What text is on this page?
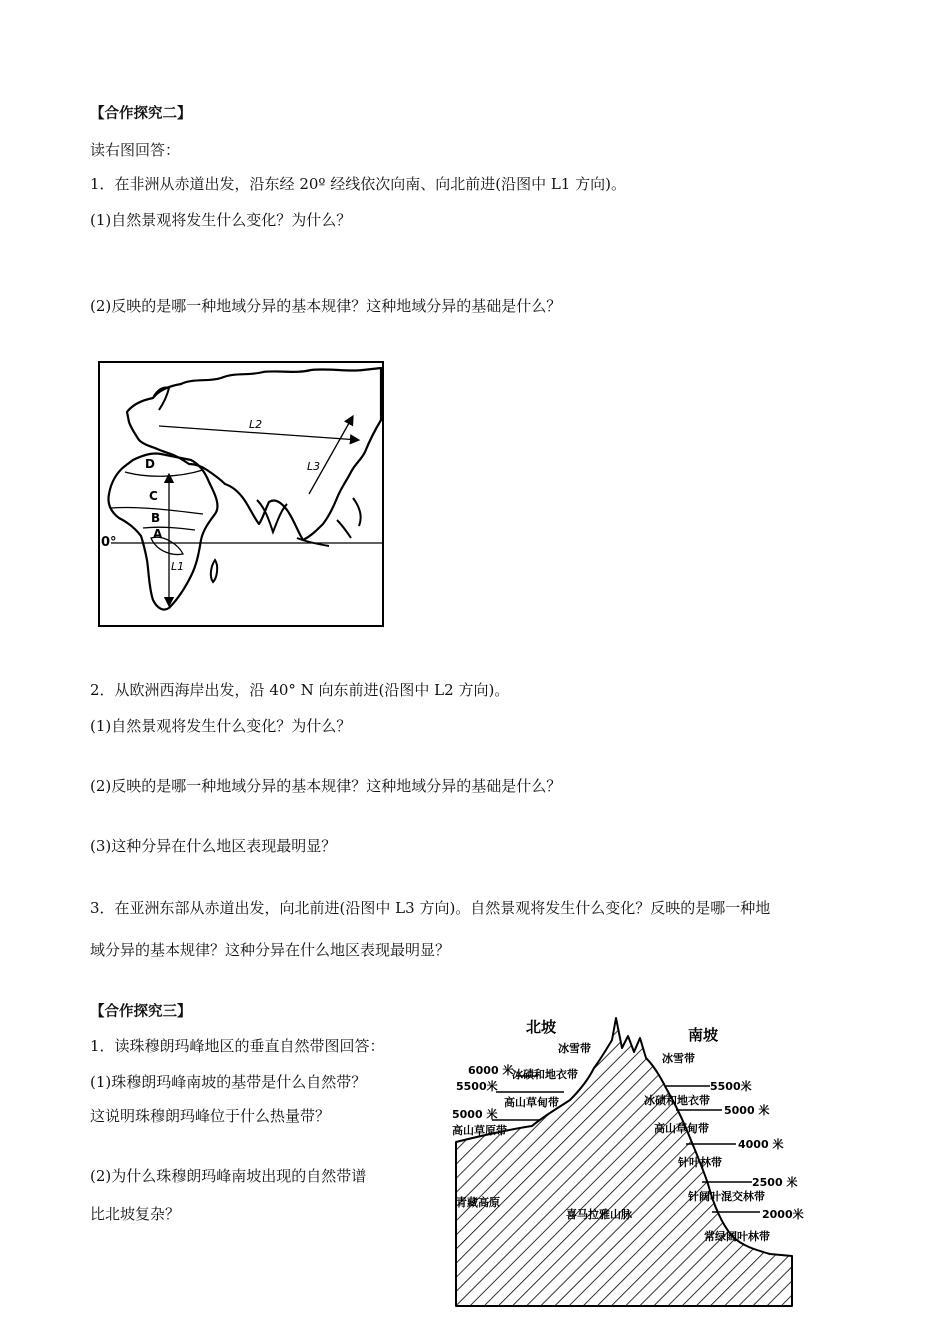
【合作探究二】
读右图回答：
1．在非洲从赤道出发，沿东经 20º 经线依次向南、向北前进(沿图中 L1 方向)。
(1)自然景观将发生什么变化？为什么？
(2)反映的是哪一种地域分异的基本规律？这种地域分异的基础是什么？
0°
D
C
B
A
L1
L2
L3
2．从欧洲西海岸出发，沿 40° N 向东前进(沿图中 L2 方向)。
(1)自然景观将发生什么变化？为什么？
(2)反映的是哪一种地域分异的基本规律？这种地域分异的基础是什么？
(3)这种分异在什么地区表现最明显？
3．在亚洲东部从赤道出发，向北前进(沿图中 L3 方向)。自然景观将发生什么变化？反映的是哪一种地
域分异的基本规律？这种分异在什么地区表现最明显？
【合作探究三】
1．读珠穆朗玛峰地区的垂直自然带图回答：
(1)珠穆朗玛峰南坡的基带是什么自然带？
这说明珠穆朗玛峰位于什么热量带？
(2)为什么珠穆朗玛峰南坡出现的自然带谱
比北坡复杂？
北坡	南坡
冰雪带
6000 米
冰碛和地衣带
5500米
高山草甸带
5000 米
高山草原带
青藏高原
喜马拉雅山脉
冰雪带
5500米
冰碛和地衣带
5000 米
高山草甸带
4000 米
针叶林带
2500 米
针阔叶混交林带
2000米
常绿阔叶林带
